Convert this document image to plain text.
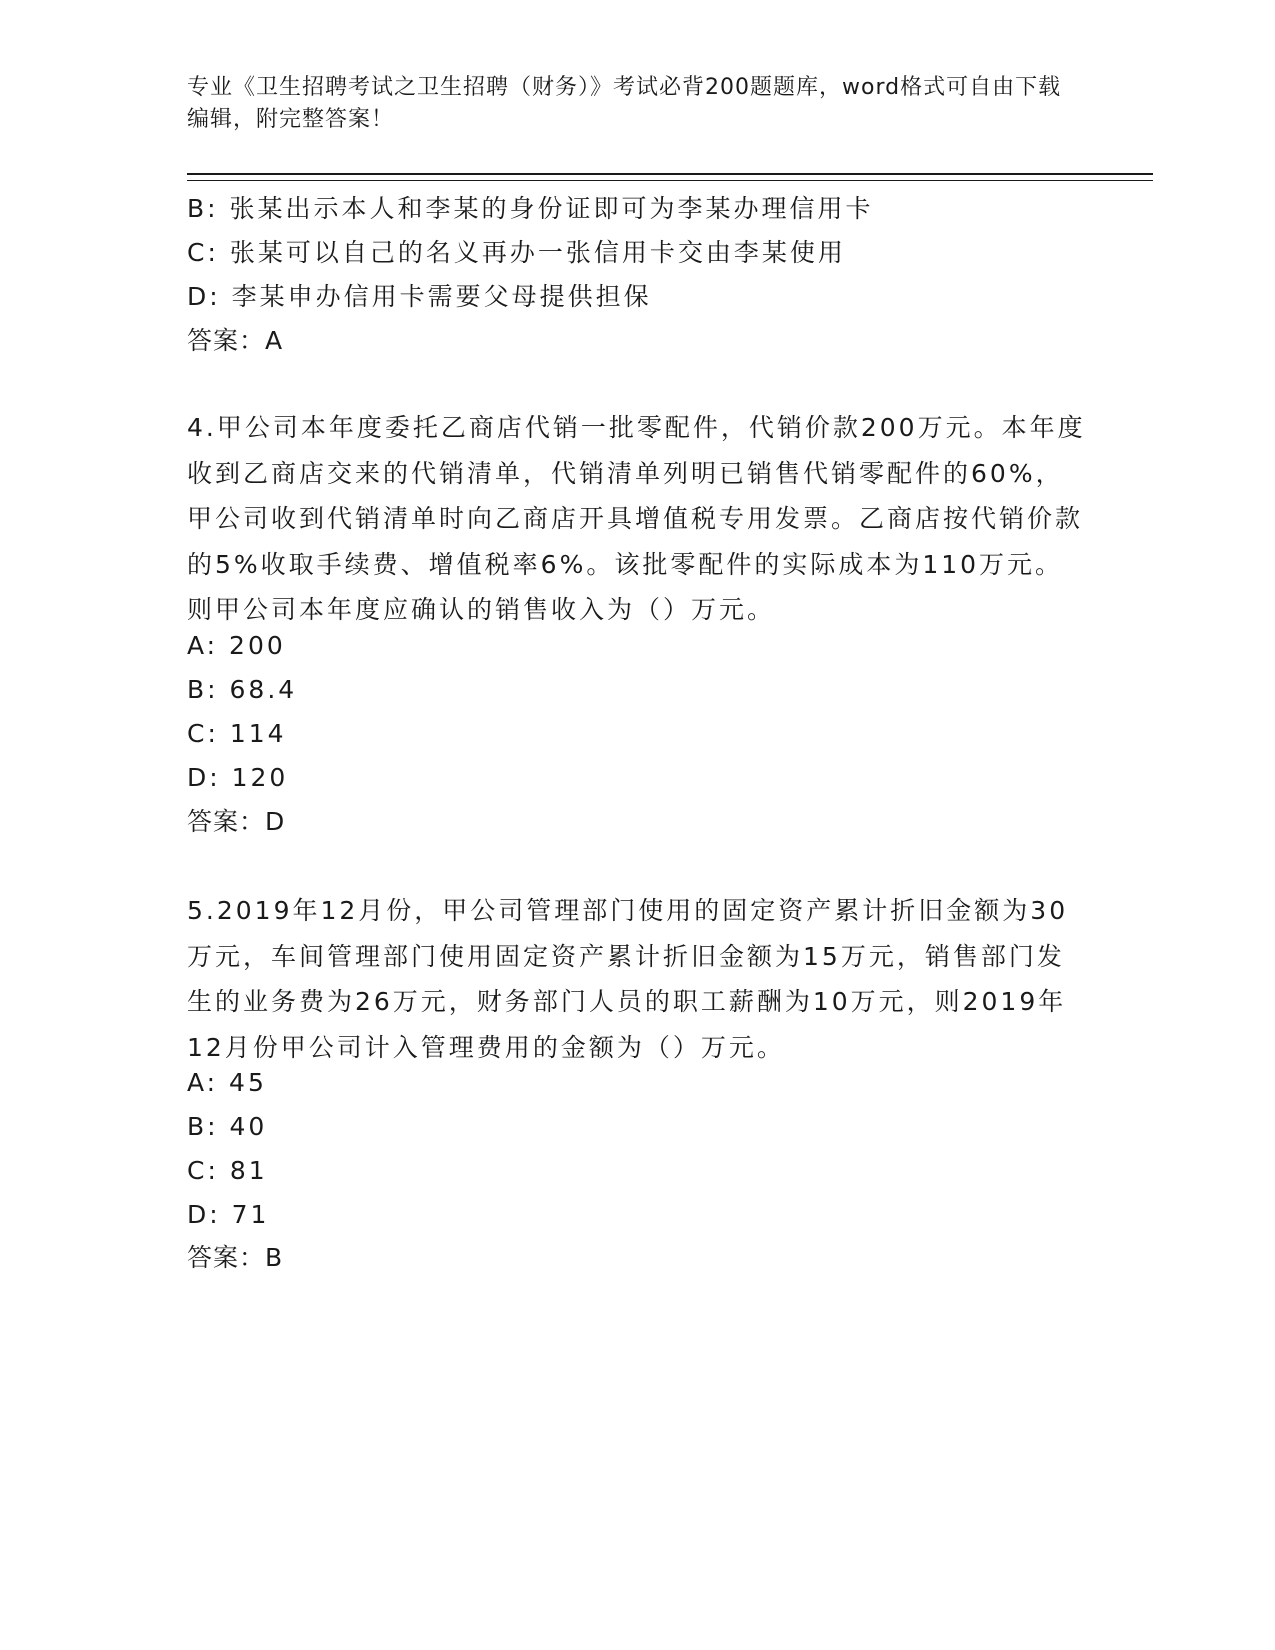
专业《卫生招聘考试之卫生招聘（财务）》考试必背200题题库，word格式可自由下载编辑，附完整答案！
B: 张某出示本人和李某的身份证即可为李某办理信用卡
C: 张某可以自己的名义再办一张信用卡交由李某使用
D: 李某申办信用卡需要父母提供担保
答案：A
4.甲公司本年度委托乙商店代销一批零配件，代销价款200万元。本年度收到乙商店交来的代销清单，代销清单列明已销售代销零配件的60%，甲公司收到代销清单时向乙商店开具增值税专用发票。乙商店按代销价款的5%收取手续费、增值税率6%。该批零配件的实际成本为110万元。则甲公司本年度应确认的销售收入为（）万元。
A: 200
B: 68.4
C: 114
D: 120
答案：D
5.2019年12月份，甲公司管理部门使用的固定资产累计折旧金额为30万元，车间管理部门使用固定资产累计折旧金额为15万元，销售部门发生的业务费为26万元，财务部门人员的职工薪酬为10万元，则2019年12月份甲公司计入管理费用的金额为（）万元。
A: 45
B: 40
C: 81
D: 71
答案：B
